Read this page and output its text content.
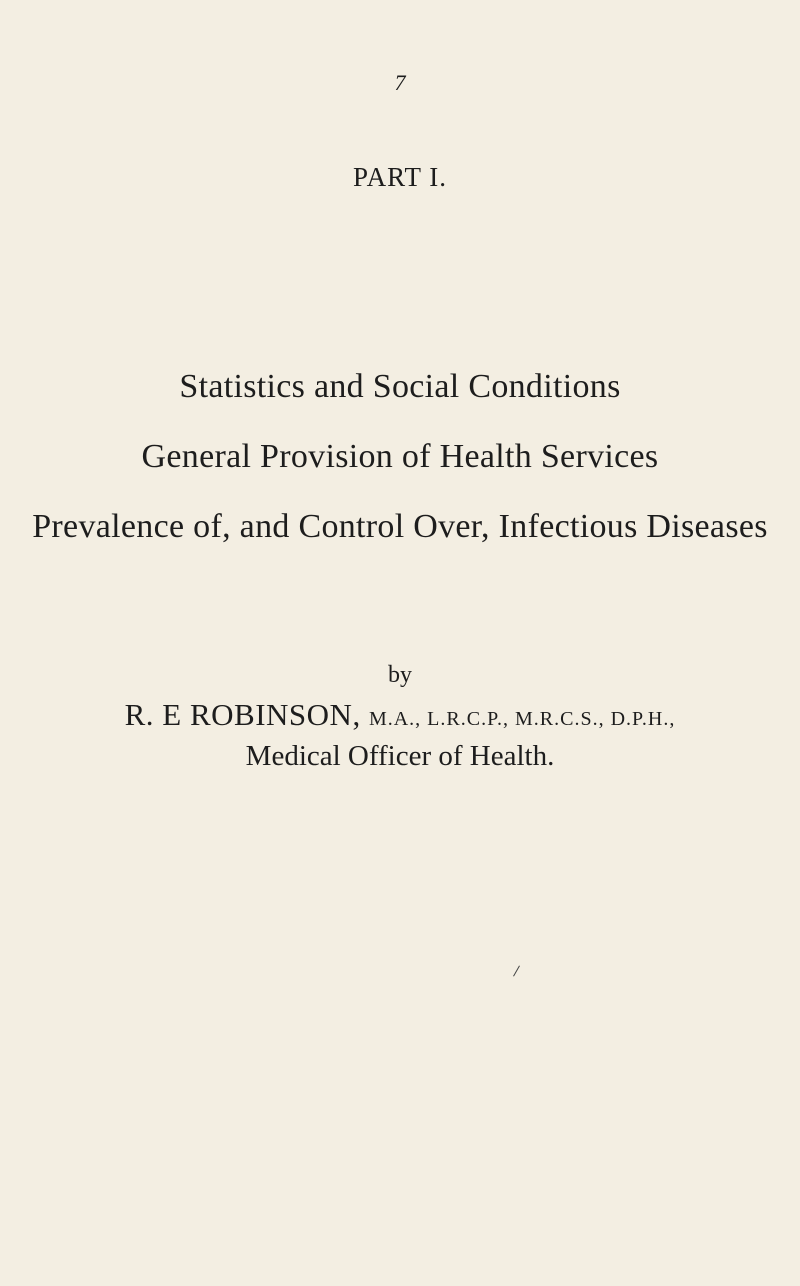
7
PART I.
Statistics and Social Conditions
General Provision of Health Services
Prevalence of, and Control Over, Infectious Diseases
by
R. E ROBINSON, M.A., L.R.C.P., M.R.C.S., D.P.H.,
Medical Officer of Health.
